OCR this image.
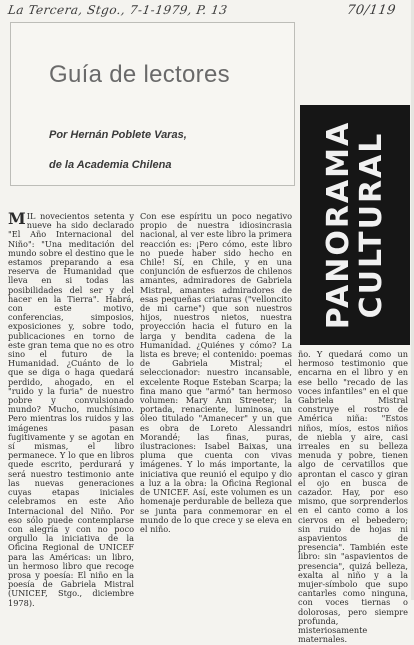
La Tercera, Stgo., 7-1-1979, P. 13	70/119
Guía de lectores
Por Hernán Poblete Varas,
de la Academia Chilena	PANORAMA
CULTURAL

MIL novecientos setenta y nueve ha sido declarado "El Año Internacional del Niño": "Una meditación del mundo sobre el destino que le estamos preparando a esa reserva de Humanidad que lleva en si todas las posibilidades del ser y del hacer en la Tierra". Habrá, con este motivo, conferencias, simposios, exposiciones y, sobre todo, publicaciones en torno de este gran tema que no es otro sino el futuro de la Humanidad. ¿Cuánto de lo que se diga o haga quedará perdido, ahogado, en el "ruido y la furia" de nuestro pobre y convulsionado mundo? Mucho, muchísimo. Pero mientras los ruidos y las imágenes pasan fugitivamente y se agotan en sí mismas, el libro permanece. Y lo que en libros quede escrito, perdurará y será nuestro testimonio ante las nuevas generaciones cuyas etapas iniciales celebramos en este Año Internacional del Niño. Por eso sólo puede contemplarse con alegría y con no poco orgullo la iniciativa de la Oficina Regional de UNICEF para las Américas: un libro, un hermoso libro que recoge prosa y poesía: El niño en la poesía de Gabriela Mistral (UNICEF, Stgo., diciembre 1978).

Con ese espíritu un poco negativo propio de nuestra idiosincrasia nacional, al ver este libro la primera reacción es: ¡Pero cómo, este libro no puede haber sido hecho en Chile! Sí, en Chile, y en una conjunción de esfuerzos de chilenos amantes, admiradores de Gabriela Mistral, amantes admiradores de esas pequeñas criaturas ("velloncito de mi carne") que son nuestros hijos, nuestros nietos, nuestra proyección hacia el futuro en la larga y bendita cadena de la Humanidad. ¿Quiénes y cómo? La lista es breve; el contenido: poemas de Gabriela Mistral; el seleccionador: nuestro incansable, excelente Roque Esteban Scarpa; la fina mano que "armó" tan hermoso volumen: Mary Ann Streeter; la portada, renaciente, luminosa, un óleo titulado "Amanecer" y un que es obra de Loreto Alessandri Morandé; las finas, puras, ilustraciones: Isabel Baixas, una pluma que cuenta con vivas imágenes. Y lo más importante, la iniciativa que reunió el equipo y dio a luz a la obra: la Oficina Regional de UNICEF. Así, este volumen es un homenaje perdurable de belleza que se junta para conmemorar en el mundo de lo que crece y se eleva en el niño.

ño. Y quedará como un hermoso testimonio que encarna en el libro y en ese bello "recado de las voces infantiles" en el que Gabriela Mistral construye el rostro de América niña: "Estos niños, míos, estos niños de niebla y aire, casi irreales en su belleza menuda y pobre, tienen algo de cervatillos que aprontan el casco y giran el ojo en busca de cazador. Hay, por eso mismo, que sorprenderlos en el canto como a los ciervos en el bebedero; sin ruido de hojas ni aspavientos de presencia". También este libro: sin "aspavientos de presencia", quizá belleza, exalta al niño y a la mujer-símbolo que supo cantarles como ninguna, con voces tiernas o dolorosas, pero siempre profunda, misteriosamente maternales.
